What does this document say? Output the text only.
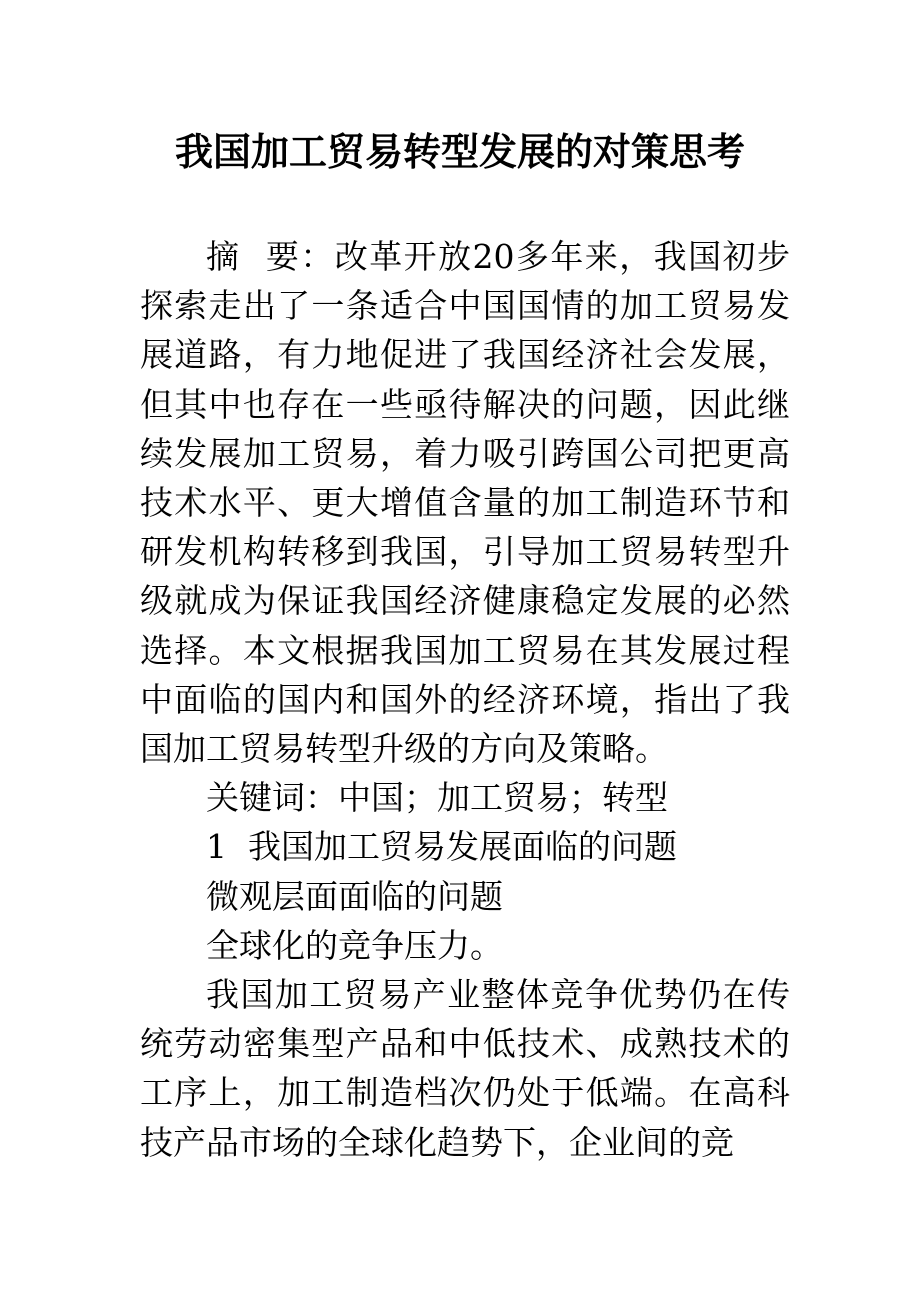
我国加工贸易转型发展的对策思考

摘 要：改革开放20多年来，我国初步探索走出了一条适合中国国情的加工贸易发展道路，有力地促进了我国经济社会发展，但其中也存在一些亟待解决的问题，因此继续发展加工贸易，着力吸引跨国公司把更高技术水平、更大增值含量的加工制造环节和研发机构转移到我国，引导加工贸易转型升级就成为保证我国经济健康稳定发展的必然选择。本文根据我国加工贸易在其发展过程中面临的国内和国外的经济环境，指出了我国加工贸易转型升级的方向及策略。

关键词：中国；加工贸易；转型

1  我国加工贸易发展面临的问题

微观层面面临的问题

全球化的竞争压力。

我国加工贸易产业整体竞争优势仍在传统劳动密集型产品和中低技术、成熟技术的工序上，加工制造档次仍处于低端。在高科技产品市场的全球化趋势下，企业间的竞
